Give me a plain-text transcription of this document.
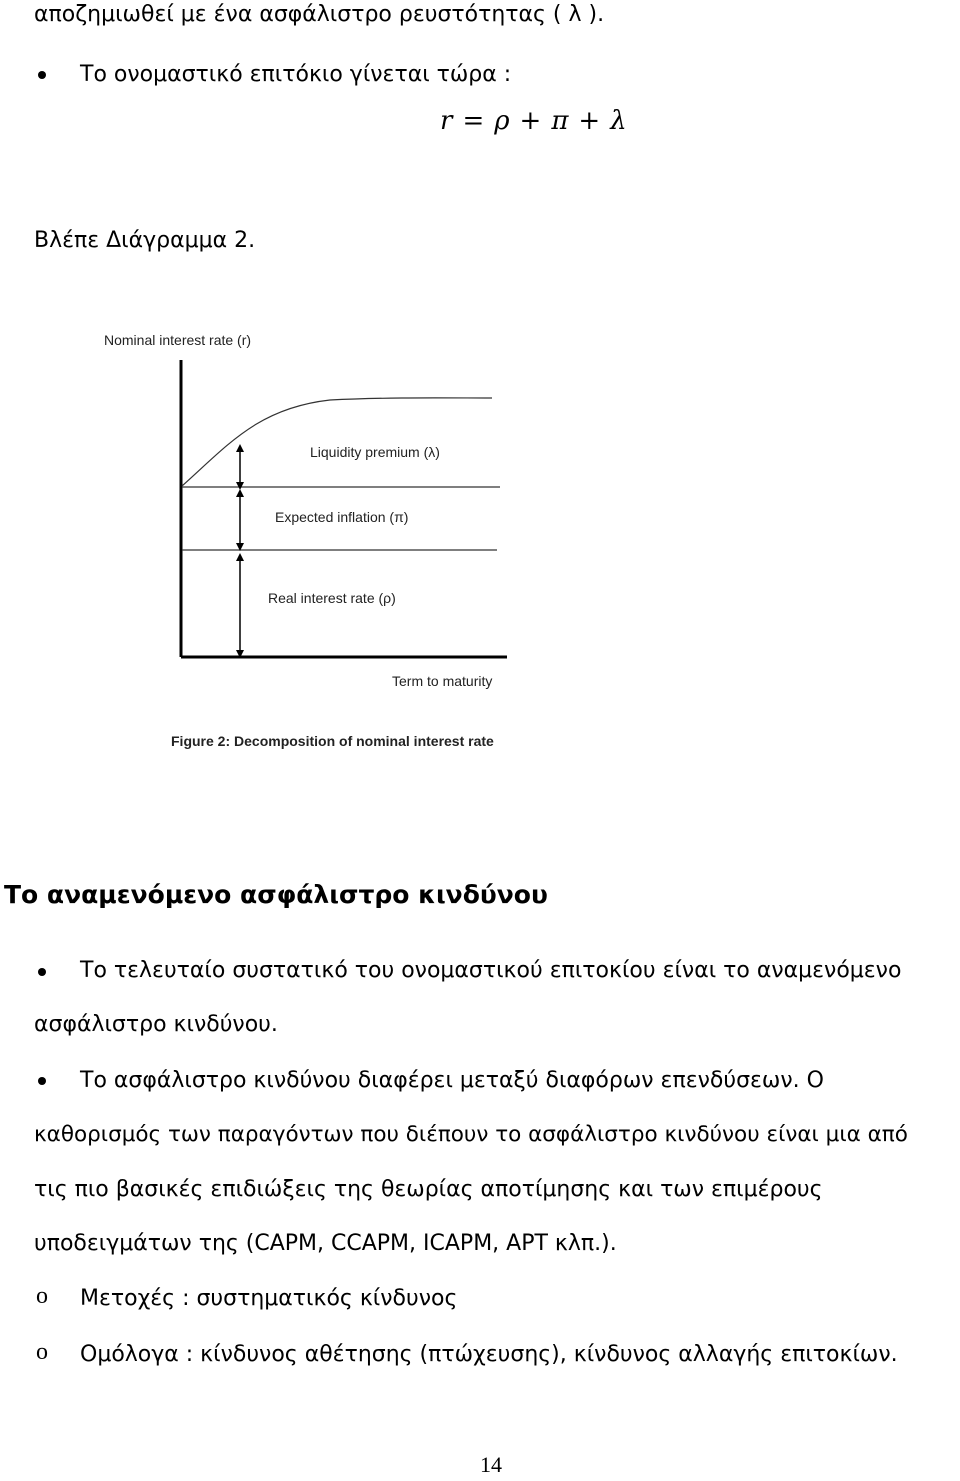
αποζημιωθεί με ένα ασφάλιστρο ρευστότητας ( λ ).
Το ονομαστικό επιτόκιο γίνεται τώρα :
r = ρ + π + λ
Βλέπε Διάγραμμα 2.
Nominal interest rate (r)
Liquidity premium (λ)
Expected inflation (π)
Real interest rate (ρ)
Term to maturity
Figure 2: Decomposition of nominal interest rate
Το αναμενόμενο ασφάλιστρο κινδύνου
Το τελευταίο συστατικό του ονομαστικού επιτοκίου είναι το αναμενόμενο
ασφάλιστρο κινδύνου.
Το ασφάλιστρο κινδύνου διαφέρει μεταξύ διαφόρων επενδύσεων. Ο
καθορισμός των παραγόντων που διέπουν το ασφάλιστρο κινδύνου είναι μια από
τις πιο βασικές επιδιώξεις της θεωρίας αποτίμησης και των επιμέρους
υποδειγμάτων της (CAPM, CCAPM, ICAPM, APT κλπ.).
ο Μετοχές : συστηματικός κίνδυνος
ο Ομόλογα : κίνδυνος αθέτησης (πτώχευσης), κίνδυνος αλλαγής επιτοκίων.
14
